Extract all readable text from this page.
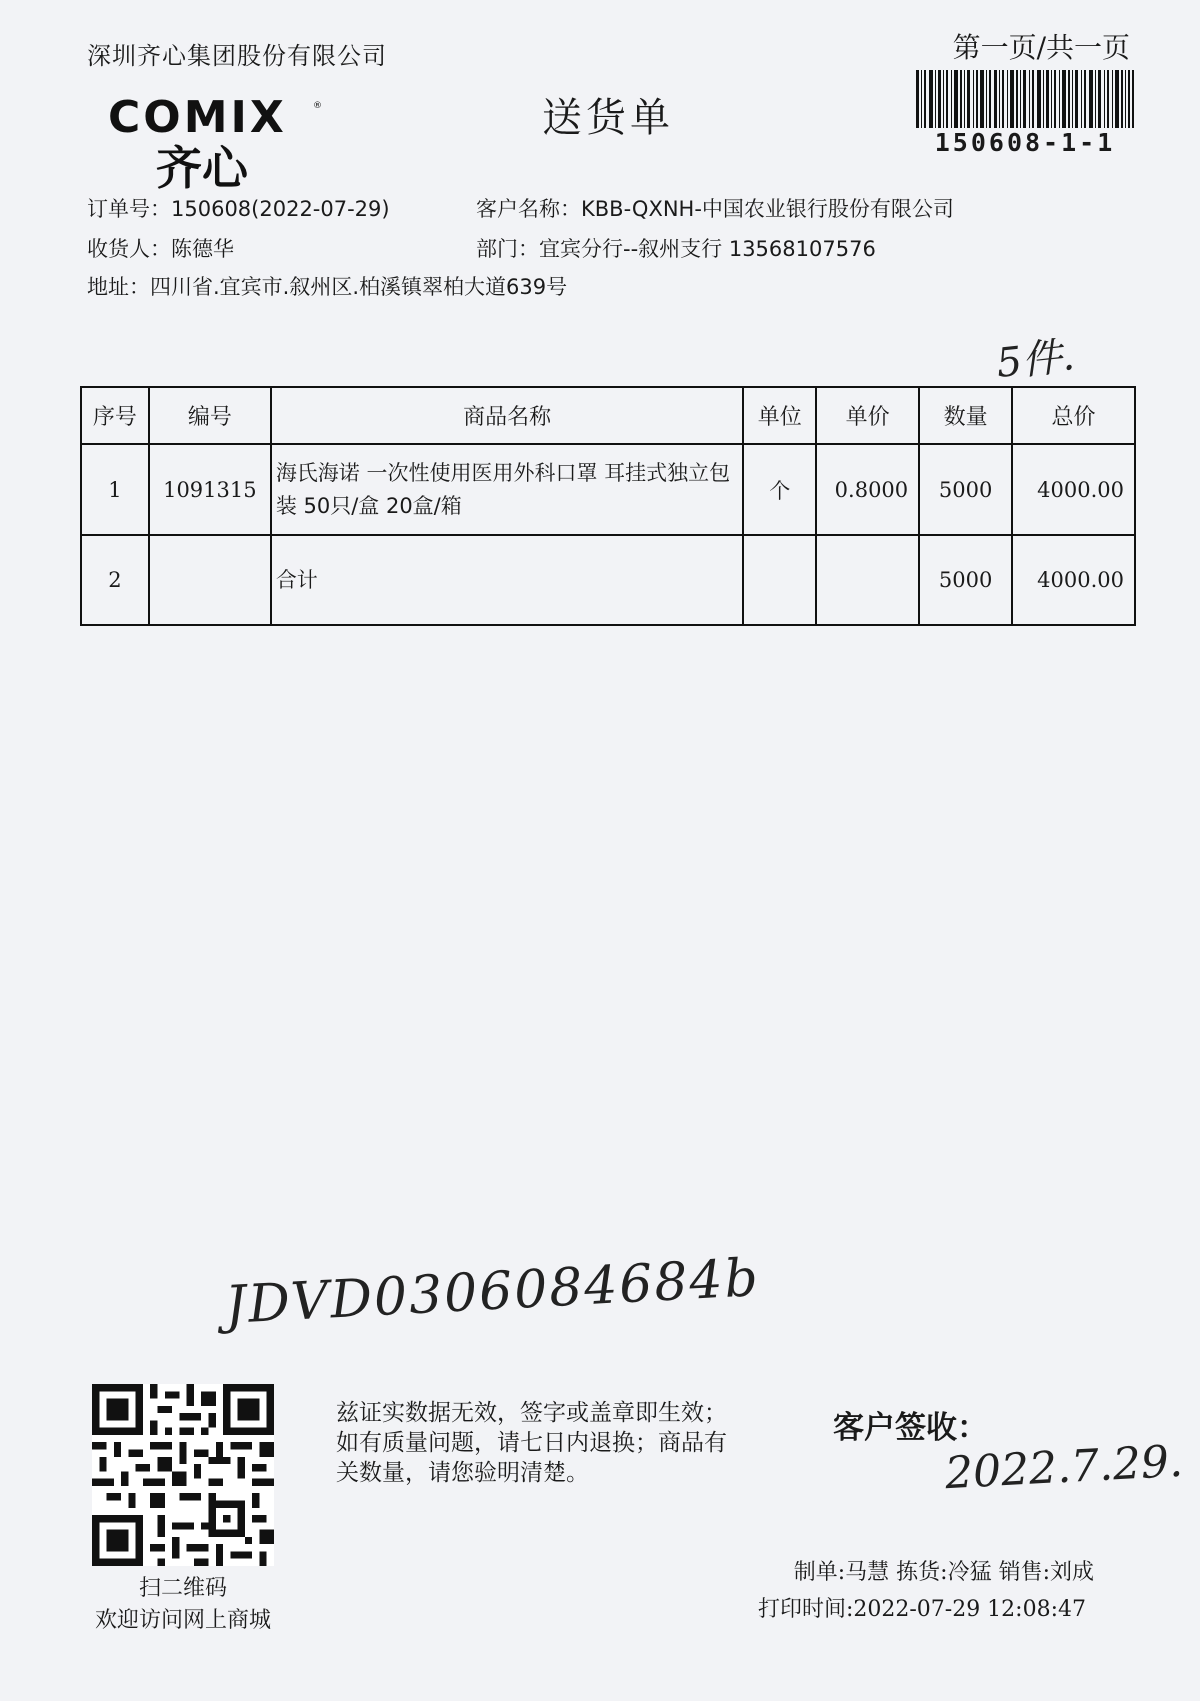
深圳齐心集团股份有限公司	第一页/共一页
150608-1-1
COMIX	®
齐心
送货单
订单号：150608(2022-07-29)	客户名称：KBB-QXNH-中国农业银行股份有限公司
收货人：陈德华	部门：宜宾分行--叙州支行 13568107576
地址：四川省.宜宾市.叙州区.柏溪镇翠柏大道639号
5件.
序号	编号	商品名称	单位	单价	数量	总价
1	1091315	海氏海诺 一次性使用医用外科口罩 耳挂式独立包装 50只/盒 20盒/箱	个	0.8000	5000	4000.00
2		合计			5000	4000.00
JDVD0306084684b
扫二维码
欢迎访问网上商城
兹证实数据无效，签字或盖章即生效；如有质量问题，请七日内退换；商品有关数量，请您验明清楚。
客户签收：
2022.7.29.
制单:马慧 拣货:冷猛 销售:刘成
打印时间:2022-07-29 12:08:47
